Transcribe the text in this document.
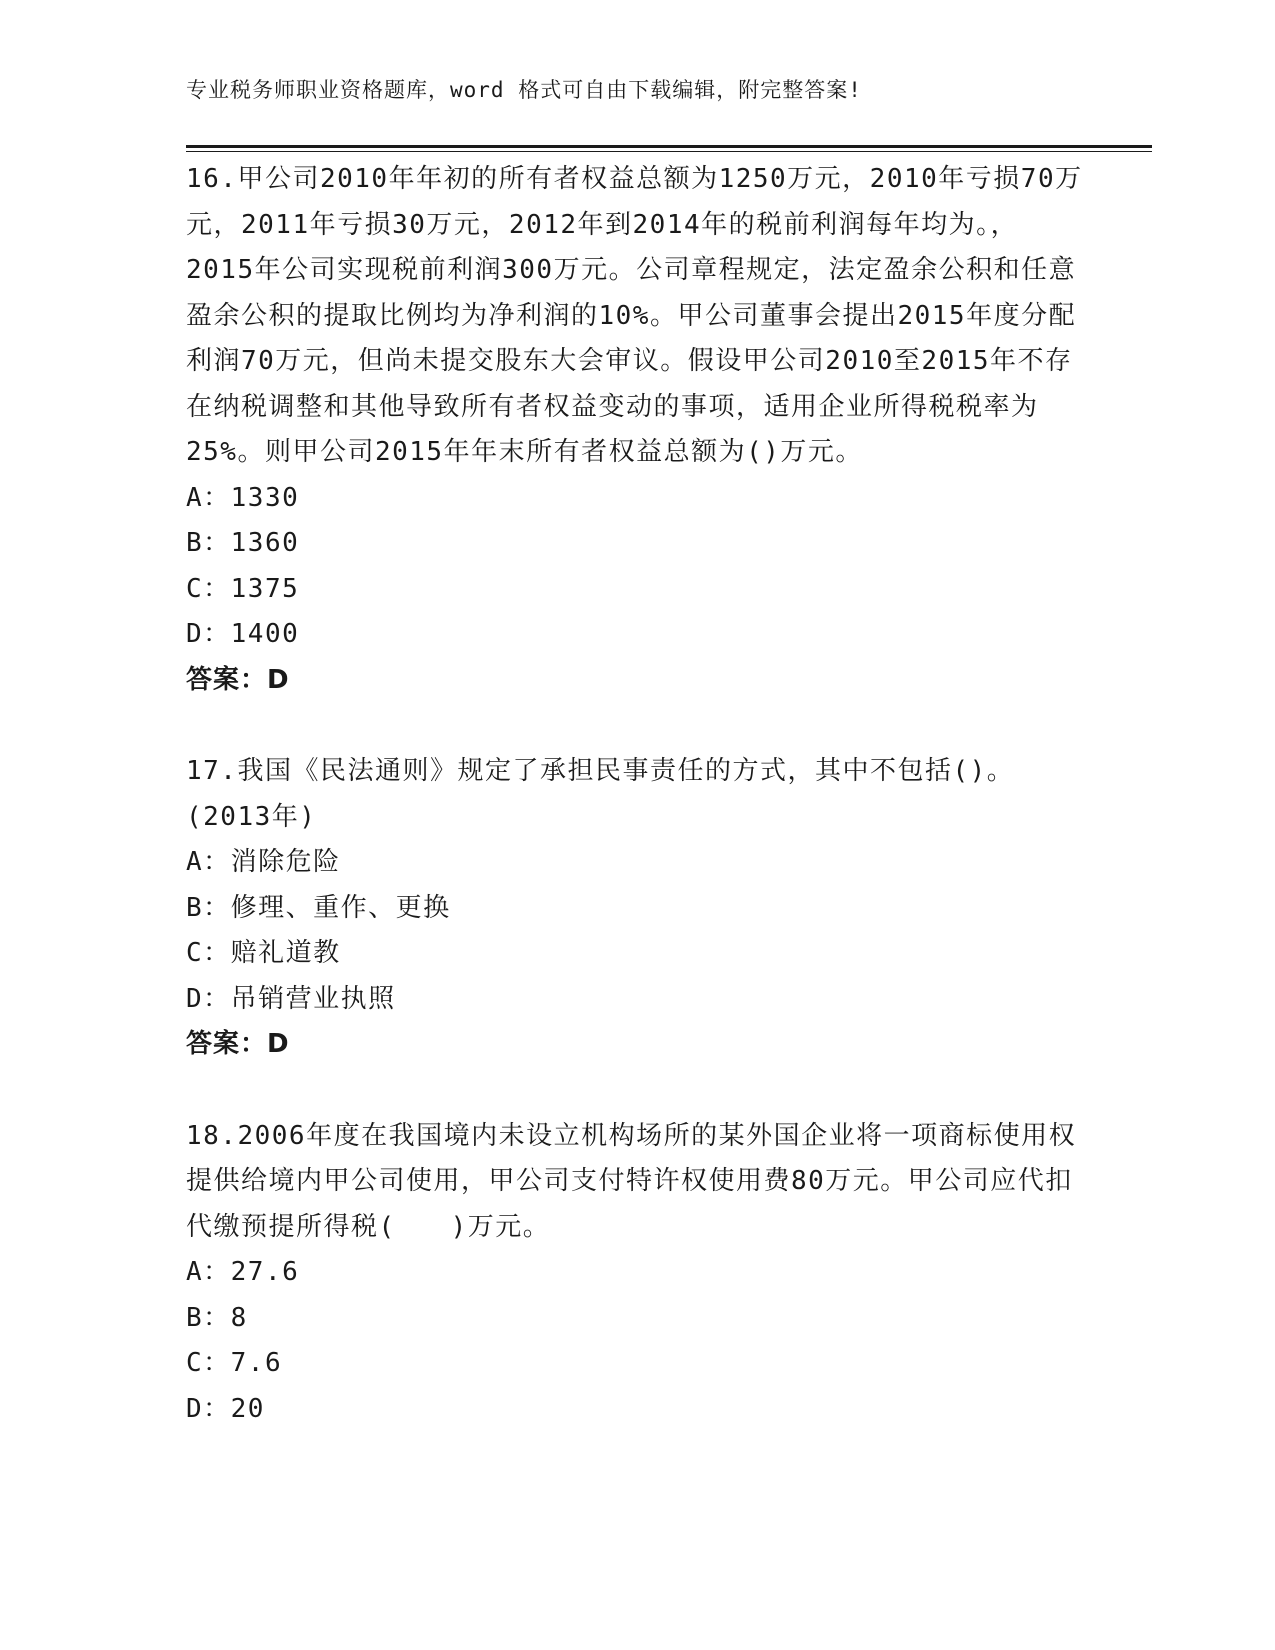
专业税务师职业资格题库，word 格式可自由下载编辑，附完整答案!

16.甲公司2010年年初的所有者权益总额为1250万元，2010年亏损70万元，2011年亏损30万元，2012年到2014年的税前利润每年均为。，2015年公司实现税前利润300万元。公司章程规定，法定盈余公积和任意盈余公积的提取比例均为净利润的10%。甲公司董事会提出2015年度分配利润70万元，但尚未提交股东大会审议。假设甲公司2010至2015年不存在纳税调整和其他导致所有者权益变动的事项，适用企业所得税税率为25%。则甲公司2015年年末所有者权益总额为()万元。

A：1330

B：1360

C：1375

D：1400

答案：D

17.我国《民法通则》规定了承担民事责任的方式，其中不包括()。(2013年)

A：消除危险

B：修理、重作、更换

C：赔礼道教

D：吊销营业执照

答案：D

18.2006年度在我国境内未设立机构场所的某外国企业将一项商标使用权提供给境内甲公司使用，甲公司支付特许权使用费80万元。甲公司应代扣代缴预提所得税(　　)万元。

A：27.6

B：8

C：7.6

D：20
